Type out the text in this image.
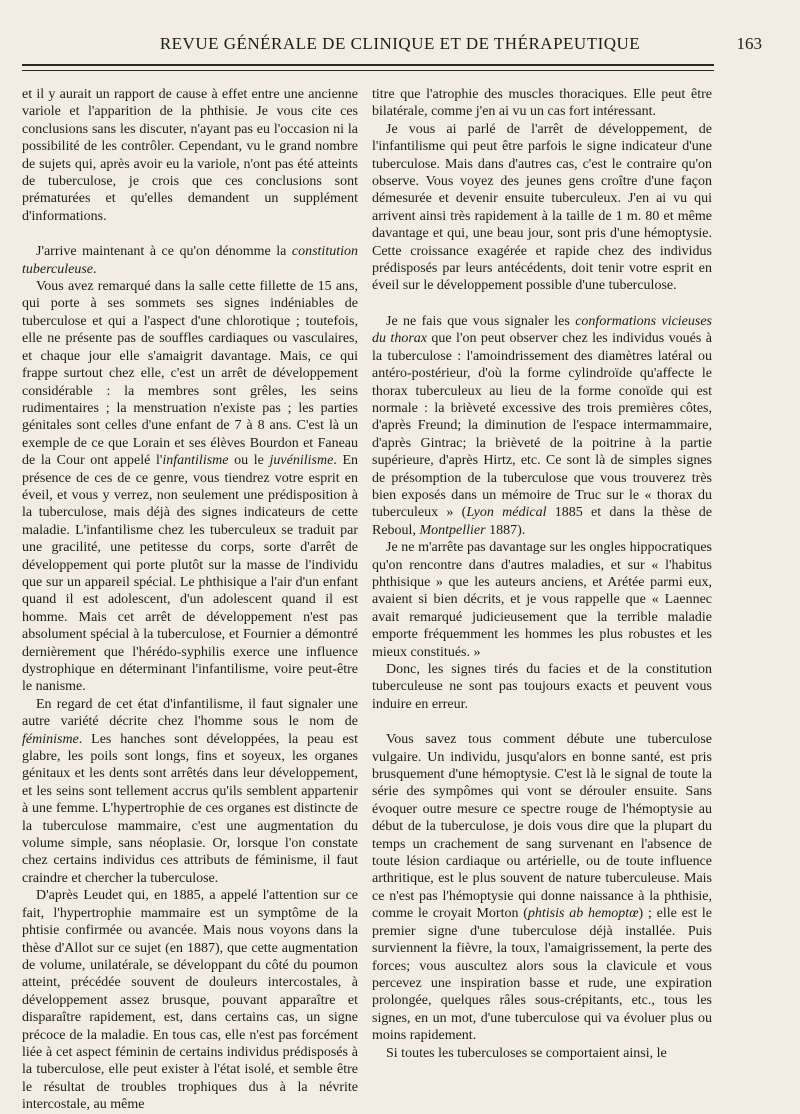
REVUE GÉNÉRALE DE CLINIQUE ET DE THÉRAPEUTIQUE	163

et il y aurait un rapport de cause à effet entre une ancienne variole et l'apparition de la phthisie. Je vous cite ces conclusions sans les discuter, n'ayant pas eu l'occasion ni la possibilité de les contrôler. Cependant, vu le grand nombre de sujets qui, après avoir eu la variole, n'ont pas été atteints de tuberculose, je crois que ces conclusions sont prématurées et qu'elles demandent un supplément d'informations.

J'arrive maintenant à ce qu'on dénomme la constitution tuberculeuse.

Vous avez remarqué dans la salle cette fillette de 15 ans, qui porte à ses sommets ses signes indéniables de tuberculose et qui a l'aspect d'une chlorotique ; toutefois, elle ne présente pas de souffles cardiaques ou vasculaires, et chaque jour elle s'amaigrit davantage. Mais, ce qui frappe surtout chez elle, c'est un arrêt de développement considérable : la membres sont grêles, les seins rudimentaires ; la menstruation n'existe pas ; les parties génitales sont celles d'une enfant de 7 à 8 ans. C'est là un exemple de ce que Lorain et ses élèves Bourdon et Faneau de la Cour ont appelé l'infantilisme ou le juvénilisme. En présence de ces de ce genre, vous tiendrez votre esprit en éveil, et vous y verrez, non seulement une prédisposition à la tuberculose, mais déjà des signes indicateurs de cette maladie. L'infantilisme chez les tuberculeux se traduit par une gracilité, une petitesse du corps, sorte d'arrêt de développement qui porte plutôt sur la masse de l'individu que sur un appareil spécial. Le phthisique a l'air d'un enfant quand il est adolescent, d'un adolescent quand il est homme. Mais cet arrêt de développement n'est pas absolument spécial à la tuberculose, et Fournier a démontré dernièrement que l'hérédo-syphilis exerce une influence dystrophique en déterminant l'infantilisme, voire peut-être le nanisme.

En regard de cet état d'infantilisme, il faut signaler une autre variété décrite chez l'homme sous le nom de féminisme. Les hanches sont développées, la peau est glabre, les poils sont longs, fins et soyeux, les organes génitaux et les dents sont arrêtés dans leur développement, et les seins sont tellement accrus qu'ils semblent appartenir à une femme. L'hypertrophie de ces organes est distincte de la tuberculose mammaire, c'est une augmentation du volume simple, sans néoplasie. Or, lorsque l'on constate chez certains individus ces attributs de féminisme, il faut craindre et chercher la tuberculose.

D'après Leudet qui, en 1885, a appelé l'attention sur ce fait, l'hypertrophie mammaire est un symptôme de la phtisie confirmée ou avancée. Mais nous voyons dans la thèse d'Allot sur ce sujet (en 1887), que cette augmentation de volume, unilatérale, se développant du côté du poumon atteint, précédée souvent de douleurs intercostales, à développement assez brusque, pouvant apparaître et disparaître rapidement, est, dans certains cas, un signe précoce de la maladie. En tous cas, elle n'est pas forcément liée à cet aspect féminin de certains individus prédisposés à la tuberculose, elle peut exister à l'état isolé, et semble être le résultat de troubles trophiques dus à la névrite intercostale, au même

titre que l'atrophie des muscles thoraciques. Elle peut être bilatérale, comme j'en ai vu un cas fort intéressant.

Je vous ai parlé de l'arrêt de développement, de l'infantilisme qui peut être parfois le signe indicateur d'une tuberculose. Mais dans d'autres cas, c'est le contraire qu'on observe. Vous voyez des jeunes gens croître d'une façon démesurée et devenir ensuite tuberculeux. J'en ai vu qui arrivent ainsi très rapidement à la taille de 1 m. 80 et même davantage et qui, une beau jour, sont pris d'une hémoptysie. Cette croissance exagérée et rapide chez des individus prédisposés par leurs antécédents, doit tenir votre esprit en éveil sur le développement possible d'une tuberculose.

Je ne fais que vous signaler les conformations vicieuses du thorax que l'on peut observer chez les individus voués à la tuberculose : l'amoindrissement des diamètres latéral ou antéro-postérieur, d'où la forme cylindroïde qu'affecte le thorax tuberculeux au lieu de la forme conoïde qui est normale : la brièveté excessive des trois premières côtes, d'après Freund; la diminution de l'espace intermammaire, d'après Gintrac; la brièveté de la poitrine à la partie supérieure, d'après Hirtz, etc. Ce sont là de simples signes de présomption de la tuberculose que vous trouverez très bien exposés dans un mémoire de Truc sur le « thorax du tuberculeux » (Lyon médical 1885 et dans la thèse de Reboul, Montpellier 1887).

Je ne m'arrête pas davantage sur les ongles hippocratiques qu'on rencontre dans d'autres maladies, et sur « l'habitus phthisique » que les auteurs anciens, et Arétée parmi eux, avaient si bien décrits, et je vous rappelle que « Laennec avait remarqué judicieusement que la terrible maladie emporte fréquemment les hommes les plus robustes et les mieux constitués. »

Donc, les signes tirés du facies et de la constitution tuberculeuse ne sont pas toujours exacts et peuvent vous induire en erreur.

Vous savez tous comment débute une tuberculose vulgaire. Un individu, jusqu'alors en bonne santé, est pris brusquement d'une hémoptysie. C'est là le signal de toute la série des sympômes qui vont se dérouler ensuite. Sans évoquer outre mesure ce spectre rouge de l'hémoptysie au début de la tuberculose, je dois vous dire que la plupart du temps un crachement de sang survenant en l'absence de toute lésion cardiaque ou artérielle, ou de toute influence arthritique, est le plus souvent de nature tuberculeuse. Mais ce n'est pas l'hémoptysie qui donne naissance à la phthisie, comme le croyait Morton (phtisis ab hemoptœ) ; elle est le premier signe d'une tuberculose déjà installée. Puis surviennent la fièvre, la toux, l'amaigrissement, la perte des forces; vous auscultez alors sous la clavicule et vous percevez une inspiration basse et rude, une expiration prolongée, quelques râles sous-crépitants, etc., tous les signes, en un mot, d'une tuberculose qui va évoluer plus ou moins rapidement.

Si toutes les tuberculoses se comportaient ainsi, le
